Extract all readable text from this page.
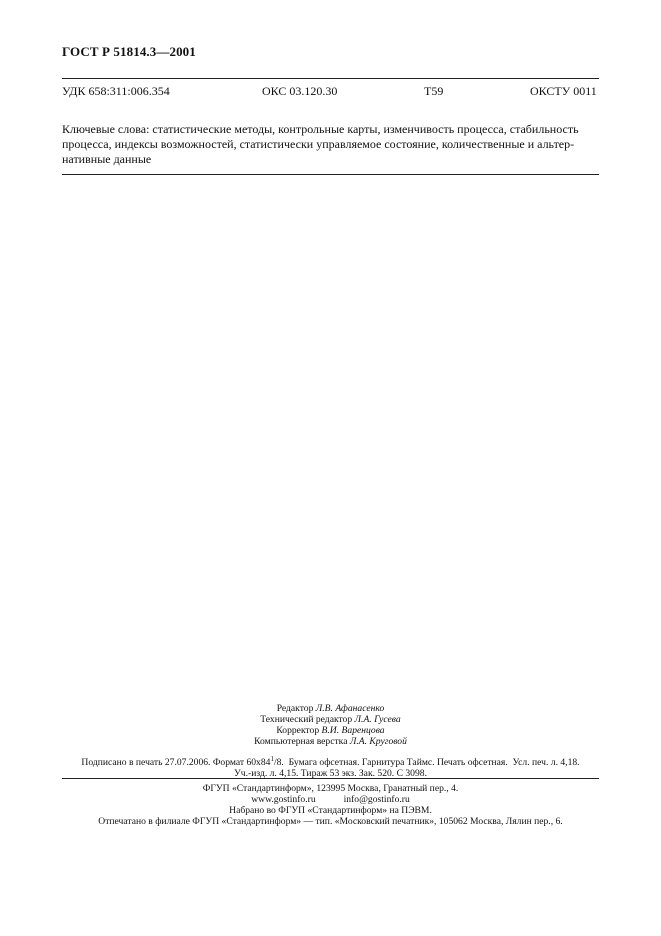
ГОСТ Р 51814.3—2001
УДК 658:311:006.354	ОКС 03.120.30	Т59	ОКСТУ 0011
Ключевые слова: статистические методы, контрольные карты, изменчивость процесса, стабильность
процесса, индексы возможностей, статистически управляемое состояние, количественные и альтер-
нативные данные
Редактор Л.В. Афанасенко
Технический редактор Л.А. Гусева
Корректор В.И. Варенцова
Компьютерная верстка Л.А. Круговой
Подписано в печать 27.07.2006. Формат $60х84^1/8$.  Бумага офсетная. Гарнитура Таймс. Печать офсетная.  Усл. печ. л. 4,18.
Уч.-изд. л. 4,15. Тираж 53 экз. Зак. 520. С 3098.
ФГУП «Стандартинформ», 123995 Москва, Гранатный пер., 4.
www.gostinfo.ru	info@gostinfo.ru
Набрано во ФГУП «Стандартинформ» на ПЭВМ.
Отпечатано в филиале ФГУП «Стандартинформ» — тип. «Московский печатник», 105062 Москва, Лялин пер., 6.
